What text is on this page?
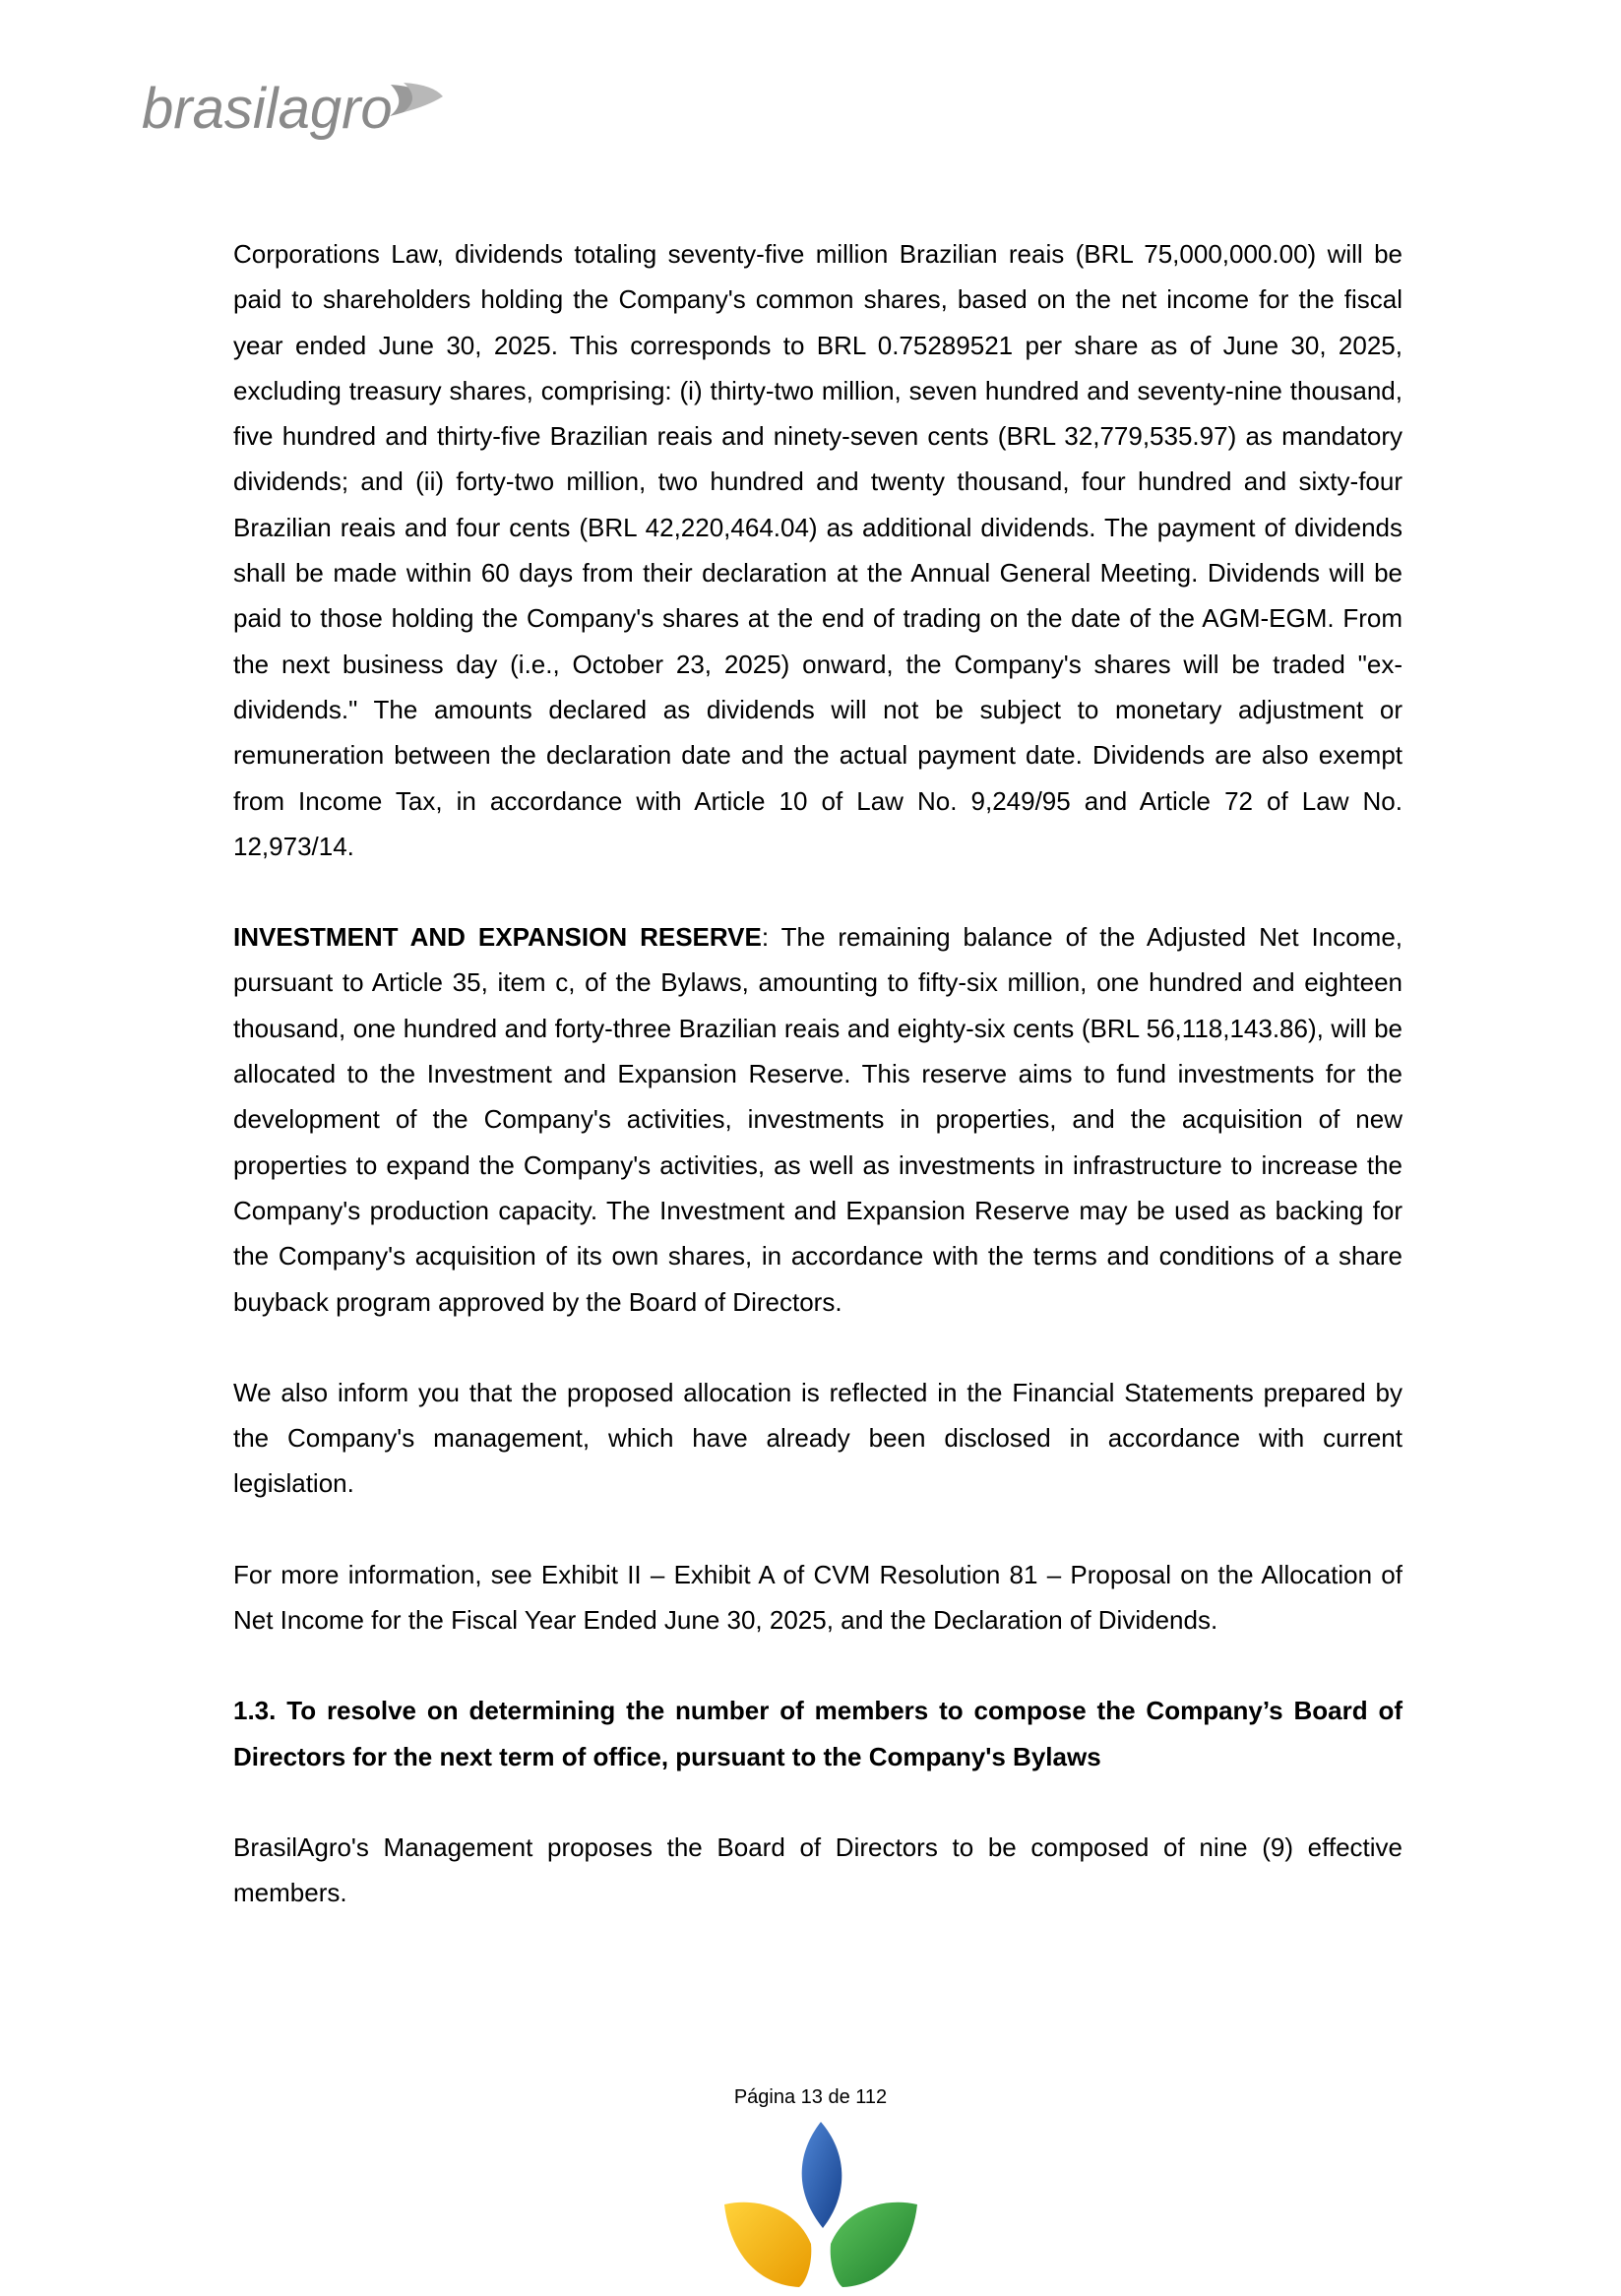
brasilagro

Corporations Law, dividends totaling seventy-five million Brazilian reais (BRL 75,000,000.00) will be paid to shareholders holding the Company's common shares, based on the net income for the fiscal year ended June 30, 2025. This corresponds to BRL 0.75289521 per share as of June 30, 2025, excluding treasury shares, comprising: (i) thirty-two million, seven hundred and seventy-nine thousand, five hundred and thirty-five Brazilian reais and ninety-seven cents (BRL 32,779,535.97) as mandatory dividends; and (ii) forty-two million, two hundred and twenty thousand, four hundred and sixty-four Brazilian reais and four cents (BRL 42,220,464.04) as additional dividends. The payment of dividends shall be made within 60 days from their declaration at the Annual General Meeting. Dividends will be paid to those holding the Company's shares at the end of trading on the date of the AGM-EGM. From the next business day (i.e., October 23, 2025) onward, the Company's shares will be traded "ex-dividends." The amounts declared as dividends will not be subject to monetary adjustment or remuneration between the declaration date and the actual payment date. Dividends are also exempt from Income Tax, in accordance with Article 10 of Law No. 9,249/95 and Article 72 of Law No. 12,973/14.

INVESTMENT AND EXPANSION RESERVE: The remaining balance of the Adjusted Net Income, pursuant to Article 35, item c, of the Bylaws, amounting to fifty-six million, one hundred and eighteen thousand, one hundred and forty-three Brazilian reais and eighty-six cents (BRL 56,118,143.86), will be allocated to the Investment and Expansion Reserve. This reserve aims to fund investments for the development of the Company's activities, investments in properties, and the acquisition of new properties to expand the Company's activities, as well as investments in infrastructure to increase the Company's production capacity. The Investment and Expansion Reserve may be used as backing for the Company's acquisition of its own shares, in accordance with the terms and conditions of a share buyback program approved by the Board of Directors.

We also inform you that the proposed allocation is reflected in the Financial Statements prepared by the Company's management, which have already been disclosed in accordance with current legislation.

For more information, see Exhibit II – Exhibit A of CVM Resolution 81 – Proposal on the Allocation of Net Income for the Fiscal Year Ended June 30, 2025, and the Declaration of Dividends.

1.3. To resolve on determining the number of members to compose the Company’s Board of Directors for the next term of office, pursuant to the Company's Bylaws

BrasilAgro's Management proposes the Board of Directors to be composed of nine (9) effective members.

Página 13 de 112
